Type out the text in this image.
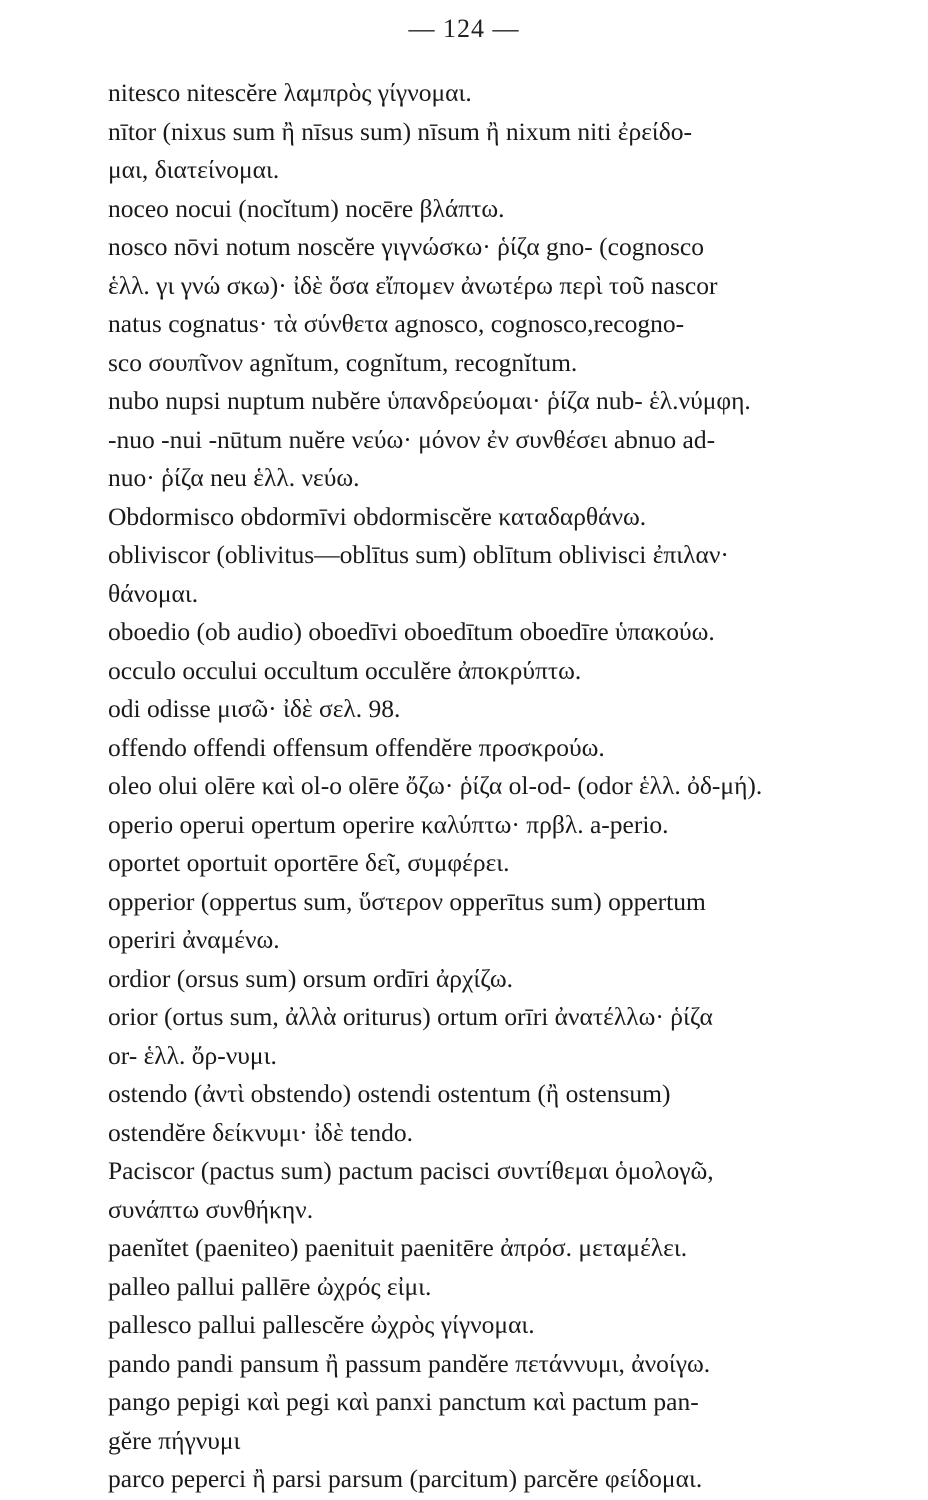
— 124 —

nitesco nitescĕre λαμπρὸς γίγνομαι.

nītor (nixus sum ἢ nīsus sum) nīsum ἢ nixum niti ἐρείδο-
μαι, διατείνομαι.

noceo nocui (nocĭtum) nocēre βλάπτω.

nosco nōvi notum noscĕre γιγνώσκω· ῥίζα gno- (cognosco
ἑλλ. γι γνώ σκω)· ἰδὲ ὅσα εἴπομεν ἀνωτέρω περὶ τοῦ nascor
natus cognatus· τὰ σύνθετα agnosco, cognosco,recogno-
sco σουπῖνον agnĭtum, cognĭtum, recognĭtum.

nubo nupsi nuptum nubĕre ὑπανδρεύομαι· ῥίζα nub- ἑλ.νύμφη.

-nuo -nui -nūtum nuĕre νεύω· μόνον ἐν συνθέσει abnuo ad-
nuo· ῥίζα neu ἑλλ. νεύω.

Obdormisco obdormīvi obdormiscĕre καταδαρθάνω.

obliviscor (oblivitus—oblītus sum) oblītum oblivisci ἐπιλαν·
θάνομαι.

oboedio (ob audio) oboedīvi oboedītum oboedīre ὑπακούω.

occulo occului occultum occulĕre ἀποκρύπτω.

odi odisse μισῶ· ἰδὲ σελ. 98.

offendo offendi offensum offendĕre προσκρούω.

oleo olui olēre καὶ ol-o olēre ὄζω· ῥίζα ol-od- (odor ἑλλ. ὀδ-μή).

operio operui opertum operire καλύπτω· πρβλ. a-perio.

oportet oportuit oportēre δεῖ, συμφέρει.

opperior (oppertus sum, ὕστερον opperītus sum) oppertum
operiri ἀναμένω.

ordior (orsus sum) orsum ordīri ἀρχίζω.

orior (ortus sum, ἀλλὰ oriturus) ortum orīri ἀνατέλλω· ῥίζα
or- ἑλλ. ὄρ-νυμι.

ostendo (ἀντὶ obstendo) ostendi ostentum (ἢ ostensum)
ostendĕre δείκνυμι· ἰδὲ tendo.

Paciscor (pactus sum) pactum pacisci συντίθεμαι ὁμολογῶ,
συνάπτω συνθήκην.

paenĭtet (paeniteo) paenituit paenitēre ἀπρόσ. μεταμέλει.

palleo pallui pallēre ὠχρός εἰμι.

pallesco pallui pallescĕre ὠχρὸς γίγνομαι.

pando pandi pansum ἢ passum pandĕre πετάννυμι, ἀνοίγω.

pango pepigi καὶ pegi καὶ panxi panctum καὶ pactum pan-
gĕre πήγνυμι

parco peperci ἢ parsi parsum (parcitum) parcĕre φείδομαι.
